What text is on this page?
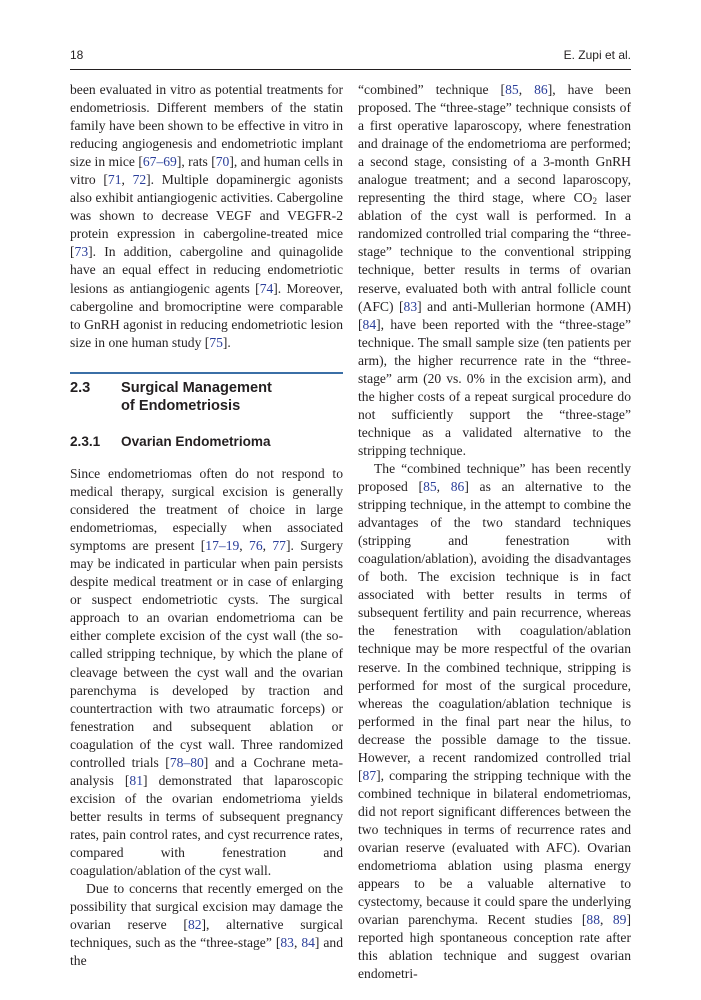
18	E. Zupi et al.

been evaluated in vitro as potential treatments for endometriosis. Different members of the statin family have been shown to be effective in vitro in reducing angiogenesis and endometriotic implant size in mice [67–69], rats [70], and human cells in vitro [71, 72]. Multiple dopaminergic agonists also exhibit antiangiogenic activities. Cabergoline was shown to decrease VEGF and VEGFR-2 protein expression in cabergoline-treated mice [73]. In addition, cabergoline and quinagolide have an equal effect in reducing endometriotic lesions as antiangiogenic agents [74]. Moreover, cabergoline and bromocriptine were comparable to GnRH agonist in reducing endometriotic lesion size in one human study [75].

2.3	Surgical Management
of Endometriosis
2.3.1	Ovarian Endometrioma

Since endometriomas often do not respond to medical therapy, surgical excision is generally considered the treatment of choice in large endometriomas, especially when associated symptoms are present [17–19, 76, 77]. Surgery may be indicated in particular when pain persists despite medical treatment or in case of enlarging or suspect endometriotic cysts. The surgical approach to an ovarian endometrioma can be either complete excision of the cyst wall (the so-called stripping technique, by which the plane of cleavage between the cyst wall and the ovarian parenchyma is developed by traction and countertraction with two atraumatic forceps) or fenestration and subsequent ablation or coagulation of the cyst wall. Three randomized controlled trials [78–80] and a Cochrane meta-analysis [81] demonstrated that laparoscopic excision of the ovarian endometrioma yields better results in terms of subsequent pregnancy rates, pain control rates, and cyst recurrence rates, compared with fenestration and coagulation/ablation of the cyst wall.

Due to concerns that recently emerged on the possibility that surgical excision may damage the ovarian reserve [82], alternative surgical techniques, such as the “three-stage” [83, 84] and the

“combined” technique [85, 86], have been proposed. The “three-stage” technique consists of a first operative laparoscopy, where fenestration and drainage of the endometrioma are performed; a second stage, consisting of a 3-month GnRH analogue treatment; and a second laparoscopy, representing the third stage, where $CO_2$ laser ablation of the cyst wall is performed. In a randomized controlled trial comparing the “three-stage” technique to the conventional stripping technique, better results in terms of ovarian reserve, evaluated both with antral follicle count (AFC) [83] and anti-Mullerian hormone (AMH) [84], have been reported with the “three-stage” technique. The small sample size (ten patients per arm), the higher recurrence rate in the “three-stage” arm (20 vs. 0% in the excision arm), and the higher costs of a repeat surgical procedure do not sufficiently support the “three-stage” technique as a validated alternative to the stripping technique.

The “combined technique” has been recently proposed [85, 86] as an alternative to the stripping technique, in the attempt to combine the advantages of the two standard techniques (stripping and fenestration with coagulation/ablation), avoiding the disadvantages of both. The excision technique is in fact associated with better results in terms of subsequent fertility and pain recurrence, whereas the fenestration with coagulation/ablation technique may be more respectful of the ovarian reserve. In the combined technique, stripping is performed for most of the surgical procedure, whereas the coagulation/ablation technique is performed in the final part near the hilus, to decrease the possible damage to the tissue. However, a recent randomized controlled trial [87], comparing the stripping technique with the combined technique in bilateral endometriomas, did not report significant differences between the two techniques in terms of recurrence rates and ovarian reserve (evaluated with AFC). Ovarian endometrioma ablation using plasma energy appears to be a valuable alternative to cystectomy, because it could spare the underlying ovarian parenchyma. Recent studies [88, 89] reported high spontaneous conception rate after this ablation technique and suggest ovarian endometri-
